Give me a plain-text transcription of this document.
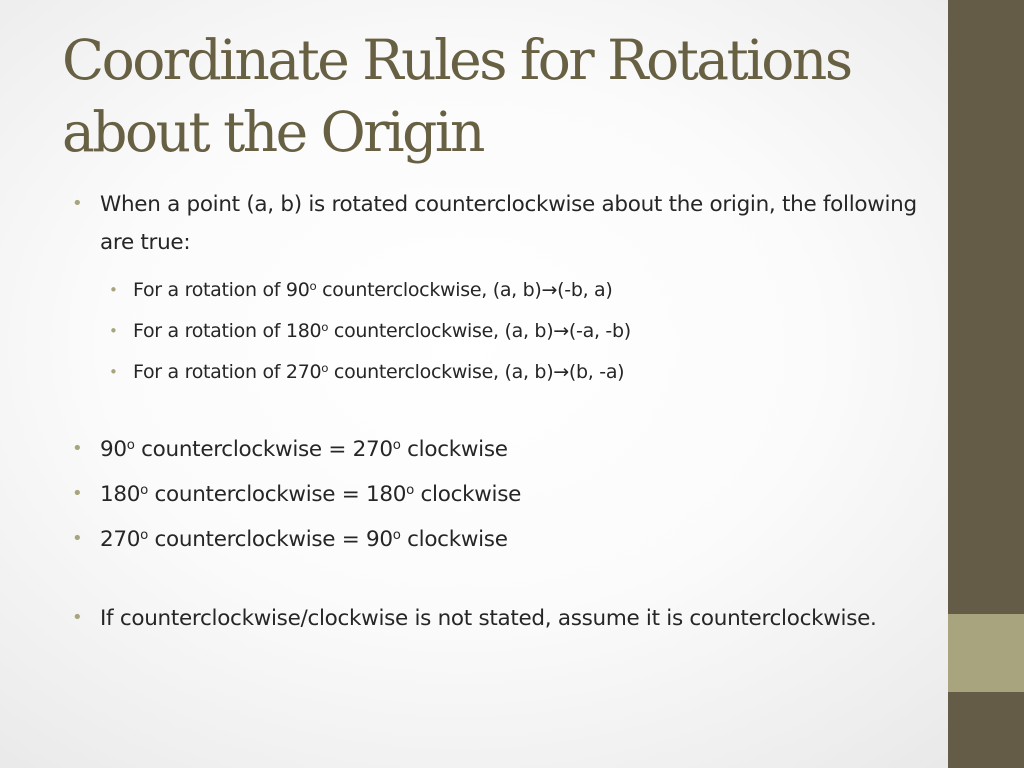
Coordinate Rules for Rotations about the Origin
• When a point (a, b) is rotated counterclockwise about the origin, the following are true:
• For a rotation of 90$^o$ counterclockwise, (a, b)→(-b, a)
• For a rotation of 180$^o$ counterclockwise, (a, b)→(-a, -b)
• For a rotation of 270$^o$ counterclockwise, (a, b)→(b, -a)
• 90$^o$ counterclockwise = $270^o$ clockwise
• 180$^o$ counterclockwise = $180^o$ clockwise
• 270$^o$ counterclockwise = $90^o$ clockwise
• If counterclockwise/clockwise is not stated, assume it is counterclockwise.
